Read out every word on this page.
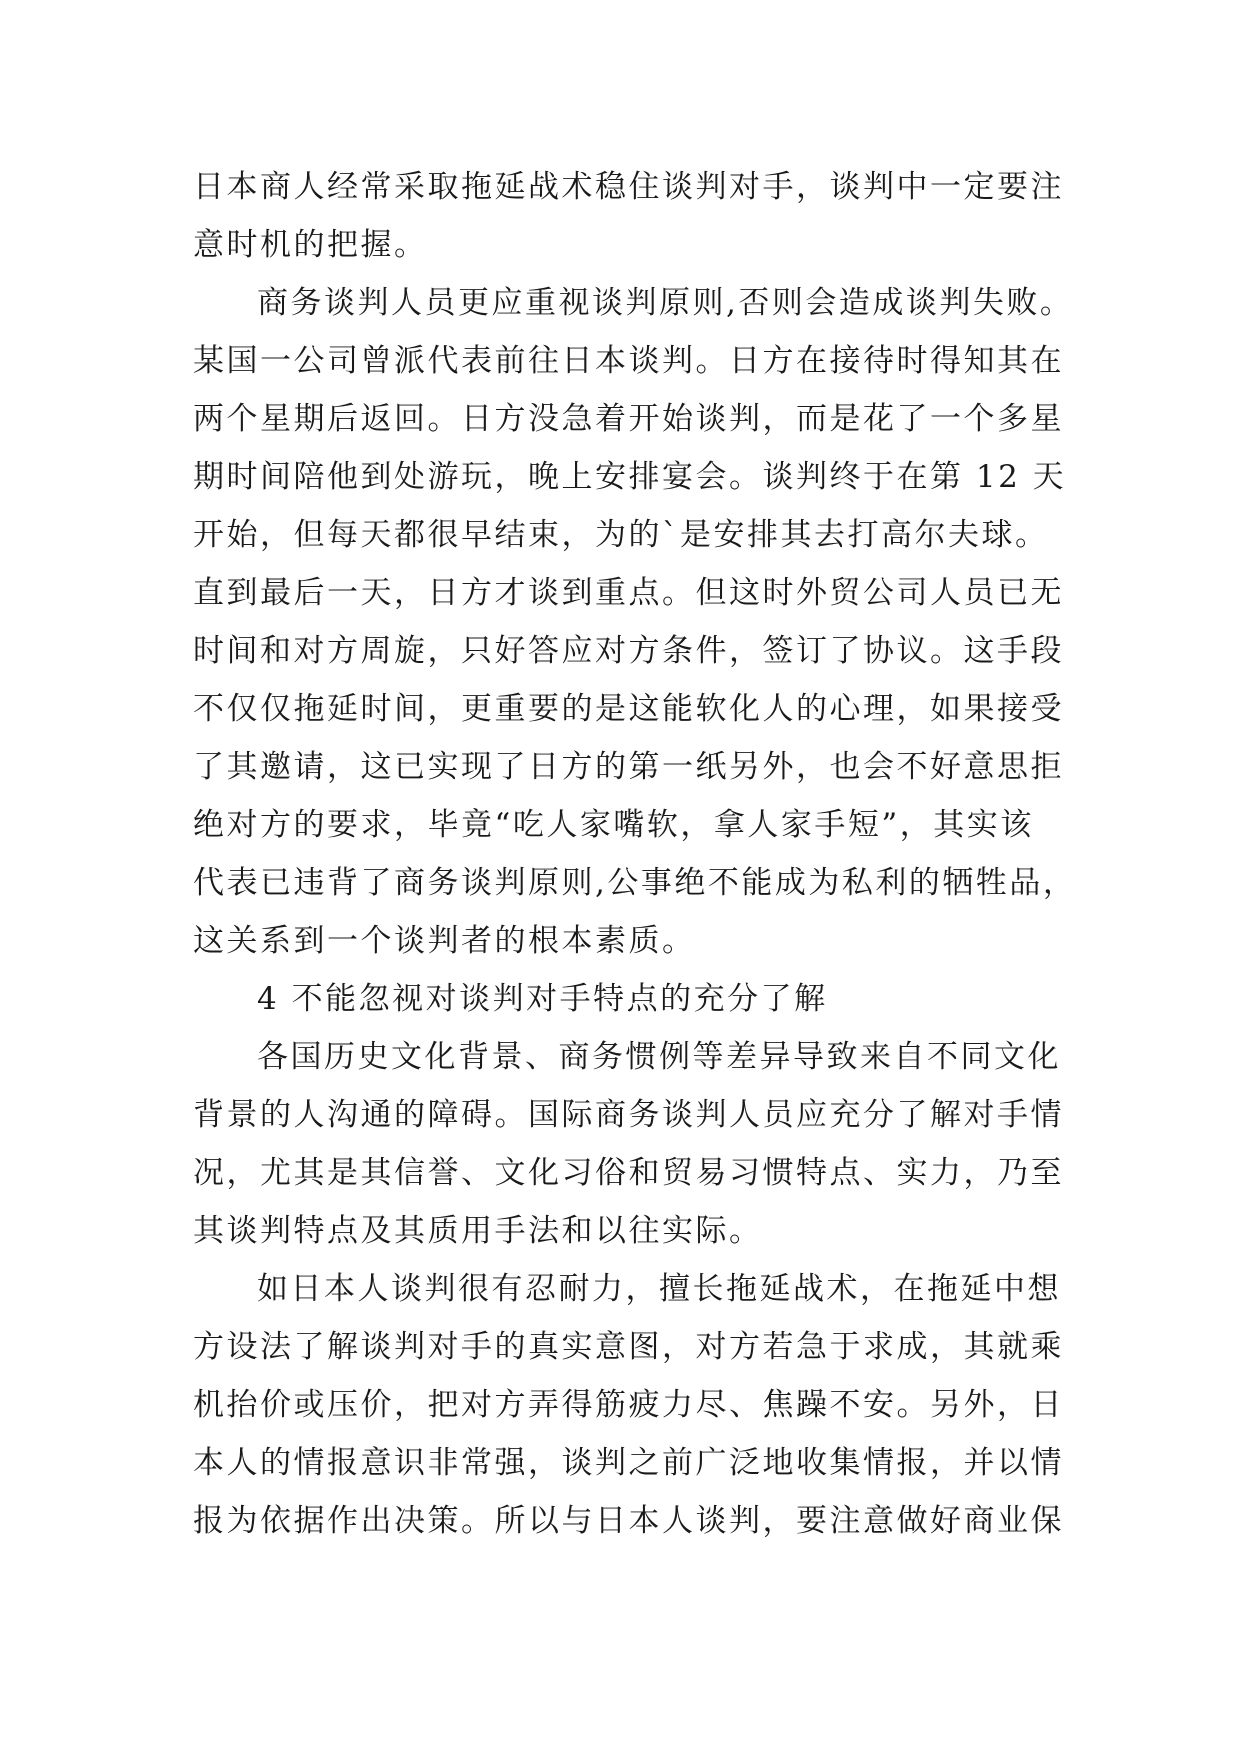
日本商人经常采取拖延战术稳住谈判对手，谈判中一定要注
意时机的把握。
商务谈判人员更应重视谈判原则,否则会造成谈判失败。
某国一公司曾派代表前往日本谈判。日方在接待时得知其在
两个星期后返回。日方没急着开始谈判，而是花了一个多星
期时间陪他到处游玩，晚上安排宴会。谈判终于在第 12 天
开始，但每天都很早结束，为的`是安排其去打高尔夫球。
直到最后一天，日方才谈到重点。但这时外贸公司人员已无
时间和对方周旋，只好答应对方条件，签订了协议。这手段
不仅仅拖延时间，更重要的是这能软化人的心理，如果接受
了其邀请，这已实现了日方的第一纸另外，也会不好意思拒
绝对方的要求，毕竟“吃人家嘴软，拿人家手短”，其实该
代表已违背了商务谈判原则,公事绝不能成为私利的牺牲品，
这关系到一个谈判者的根本素质。
4 不能忽视对谈判对手特点的充分了解
各国历史文化背景、商务惯例等差异导致来自不同文化
背景的人沟通的障碍。国际商务谈判人员应充分了解对手情
况，尤其是其信誉、文化习俗和贸易习惯特点、实力，乃至
其谈判特点及其质用手法和以往实际。
如日本人谈判很有忍耐力，擅长拖延战术，在拖延中想
方设法了解谈判对手的真实意图，对方若急于求成，其就乘
机抬价或压价，把对方弄得筋疲力尽、焦躁不安。另外，日
本人的情报意识非常强，谈判之前广泛地收集情报，并以情
报为依据作出决策。所以与日本人谈判，要注意做好商业保
